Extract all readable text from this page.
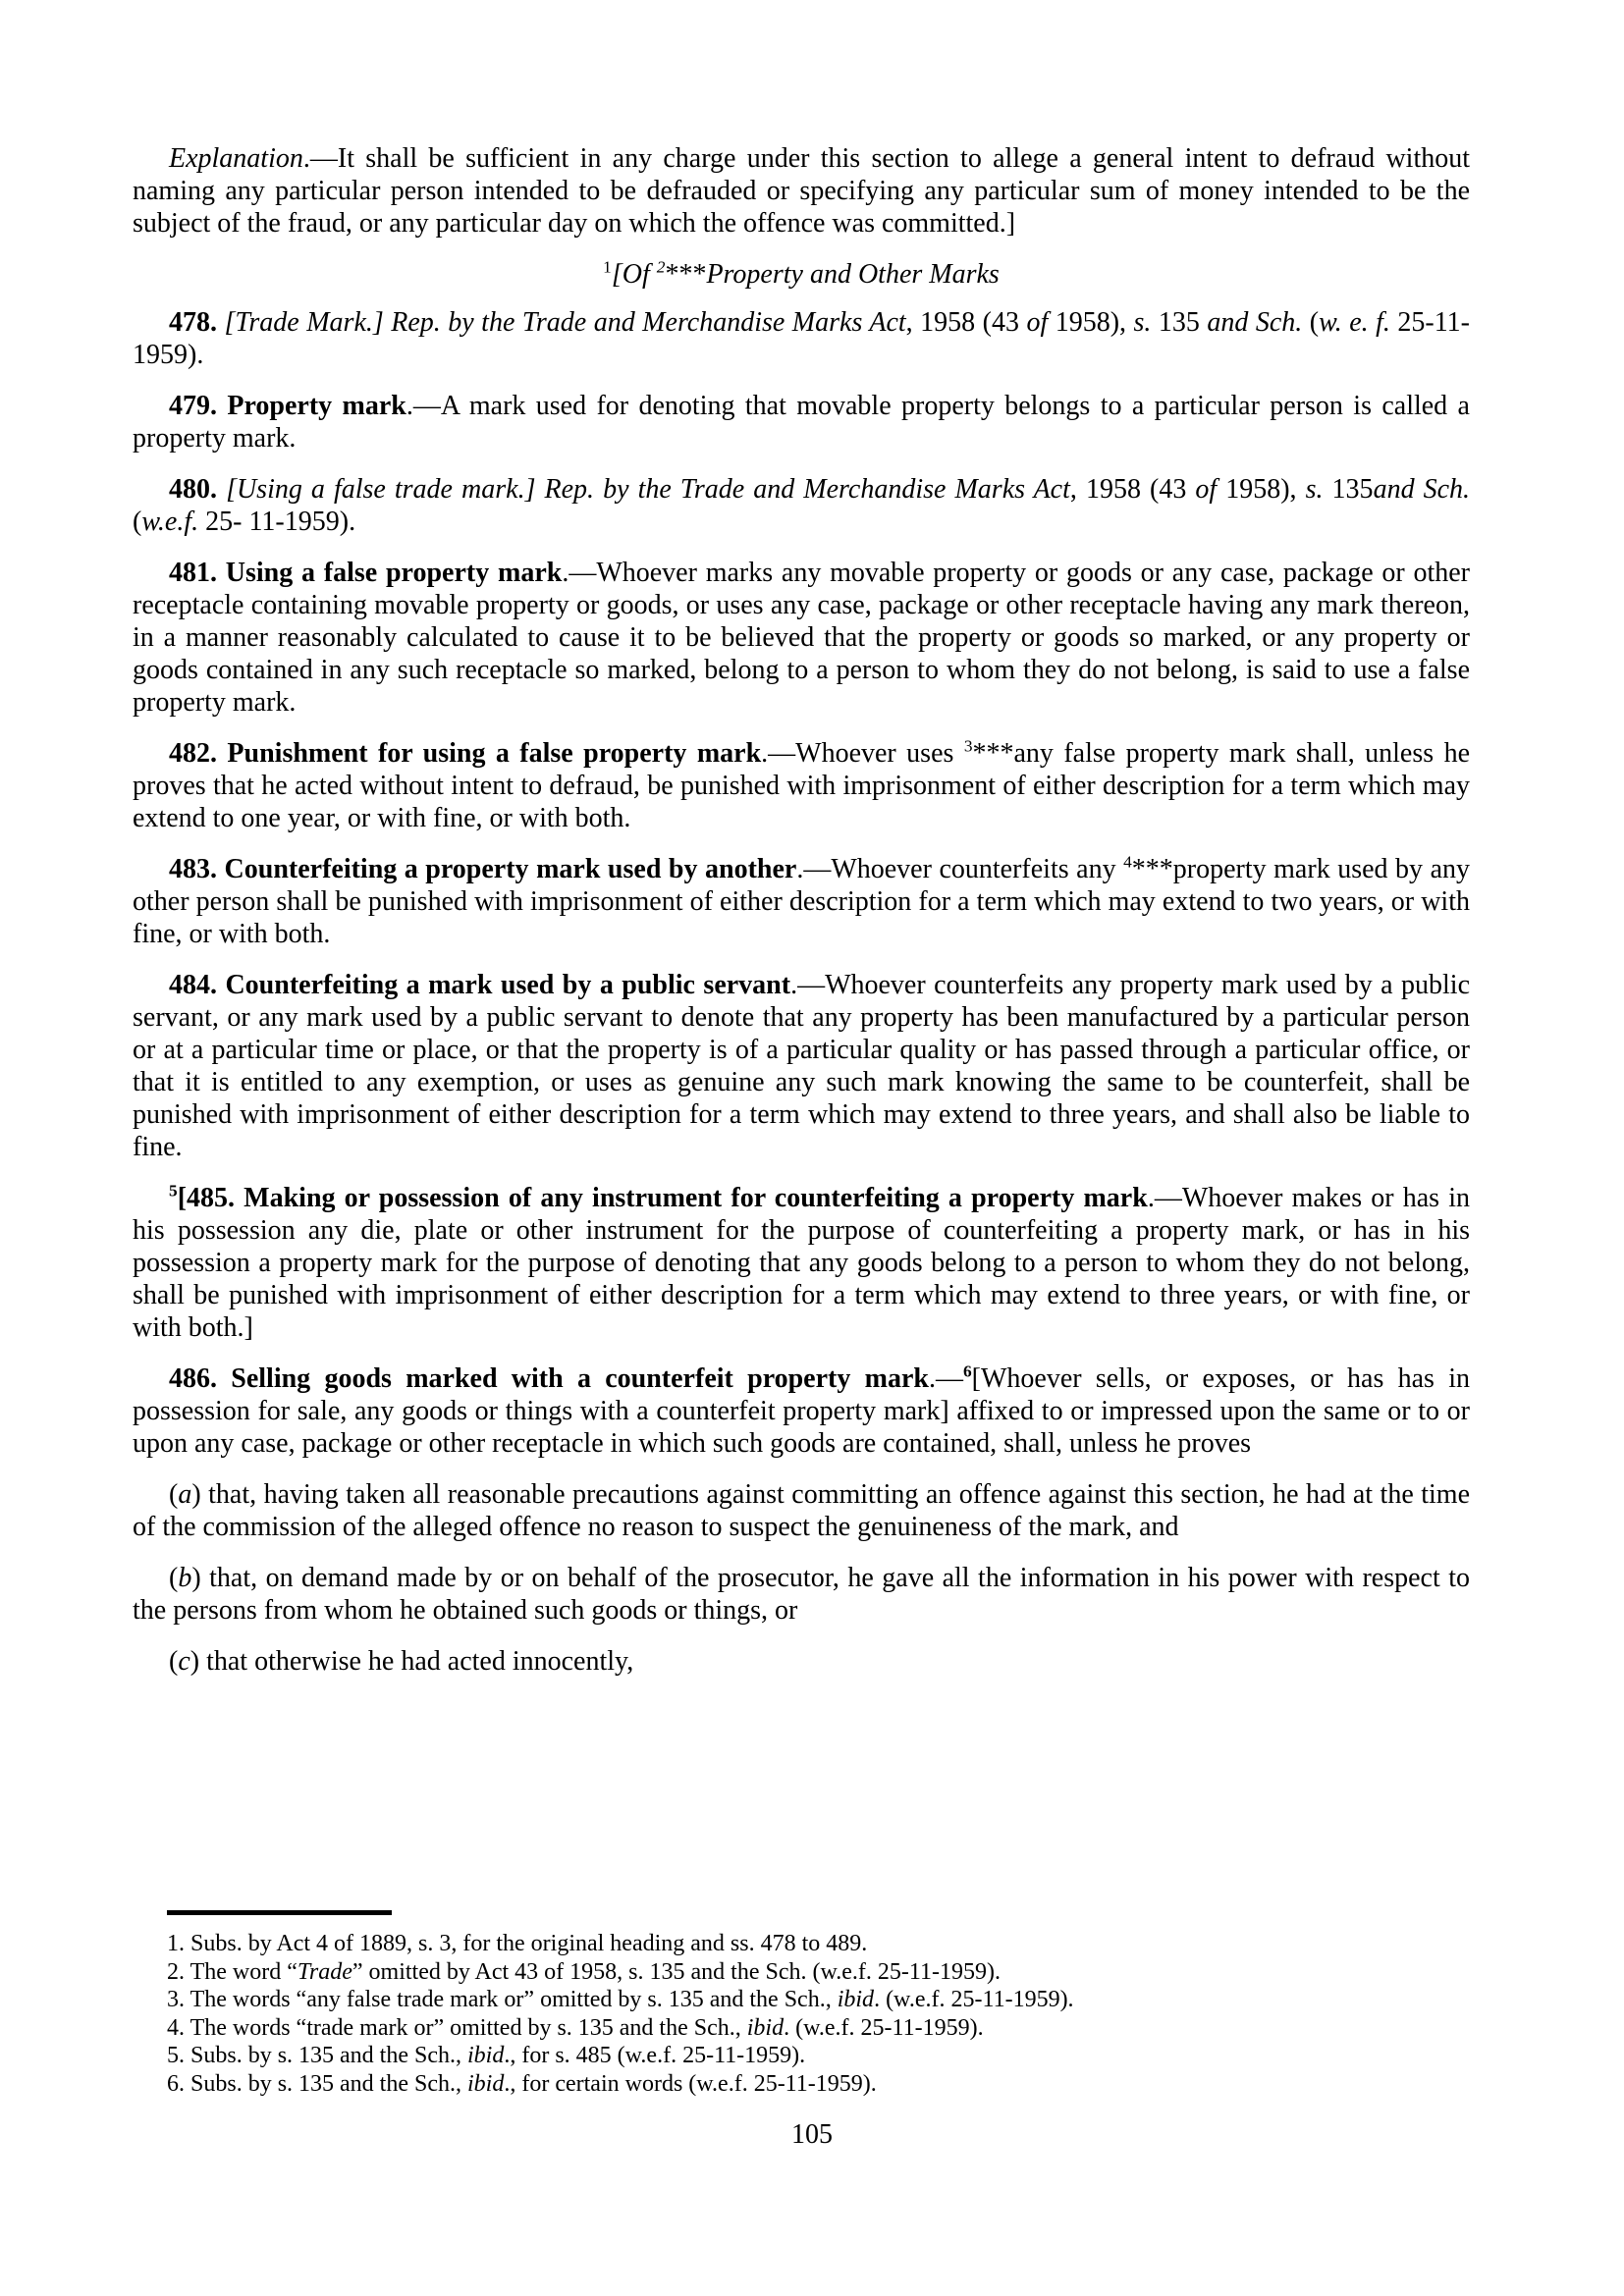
Explanation.—It shall be sufficient in any charge under this section to allege a general intent to defraud without naming any particular person intended to be defrauded or specifying any particular sum of money intended to be the subject of the fraud, or any particular day on which the offence was committed.]

$^1$[Of $^2$***Property and Other Marks

478. [Trade Mark.] Rep. by the Trade and Merchandise Marks Act, 1958 (43 of 1958), s. 135 and Sch. (w. e. f. 25-11-1959).

479. Property mark.—A mark used for denoting that movable property belongs to a particular person is called a property mark.

480. [Using a false trade mark.] Rep. by the Trade and Merchandise Marks Act, 1958 (43 of 1958), s. 135and Sch. (w.e.f. 25- 11-1959).

481. Using a false property mark.—Whoever marks any movable property or goods or any case, package or other receptacle containing movable property or goods, or uses any case, package or other receptacle having any mark thereon, in a manner reasonably calculated to cause it to be believed that the property or goods so marked, or any property or goods contained in any such receptacle so marked, belong to a person to whom they do not belong, is said to use a false property mark.

482. Punishment for using a false property mark.—Whoever uses $^3$***any false property mark shall, unless he proves that he acted without intent to defraud, be punished with imprisonment of either description for a term which may extend to one year, or with fine, or with both.

483. Counterfeiting a property mark used by another.—Whoever counterfeits any $^4$***property mark used by any other person shall be punished with imprisonment of either description for a term which may extend to two years, or with fine, or with both.

484. Counterfeiting a mark used by a public servant.—Whoever counterfeits any property mark used by a public servant, or any mark used by a public servant to denote that any property has been manufactured by a particular person or at a particular time or place, or that the property is of a particular quality or has passed through a particular office, or that it is entitled to any exemption, or uses as genuine any such mark knowing the same to be counterfeit, shall be punished with imprisonment of either description for a term which may extend to three years, and shall also be liable to fine.

$^5$[485. Making or possession of any instrument for counterfeiting a property mark.—Whoever makes or has in his possession any die, plate or other instrument for the purpose of counterfeiting a property mark, or has in his possession a property mark for the purpose of denoting that any goods belong to a person to whom they do not belong, shall be punished with imprisonment of either description for a term which may extend to three years, or with fine, or with both.]

486. Selling goods marked with a counterfeit property mark.—$^6$[Whoever sells, or exposes, or has has in possession for sale, any goods or things with a counterfeit property mark] affixed to or impressed upon the same or to or upon any case, package or other receptacle in which such goods are contained, shall, unless he proves

(a) that, having taken all reasonable precautions against committing an offence against this section, he had at the time of the commission of the alleged offence no reason to suspect the genuineness of the mark, and

(b) that, on demand made by or on behalf of the prosecutor, he gave all the information in his power with respect to the persons from whom he obtained such goods or things, or

(c) that otherwise he had acted innocently,

1. Subs. by Act 4 of 1889, s. 3, for the original heading and ss. 478 to 489.

2. The word “Trade” omitted by Act 43 of 1958, s. 135 and the Sch. (w.e.f. 25-11-1959).

3. The words “any false trade mark or” omitted by s. 135 and the Sch., ibid. (w.e.f. 25-11-1959).

4. The words “trade mark or” omitted by s. 135 and the Sch., ibid. (w.e.f. 25-11-1959).

5. Subs. by s. 135 and the Sch., ibid., for s. 485 (w.e.f. 25-11-1959).

6. Subs. by s. 135 and the Sch., ibid., for certain words (w.e.f. 25-11-1959).

105
